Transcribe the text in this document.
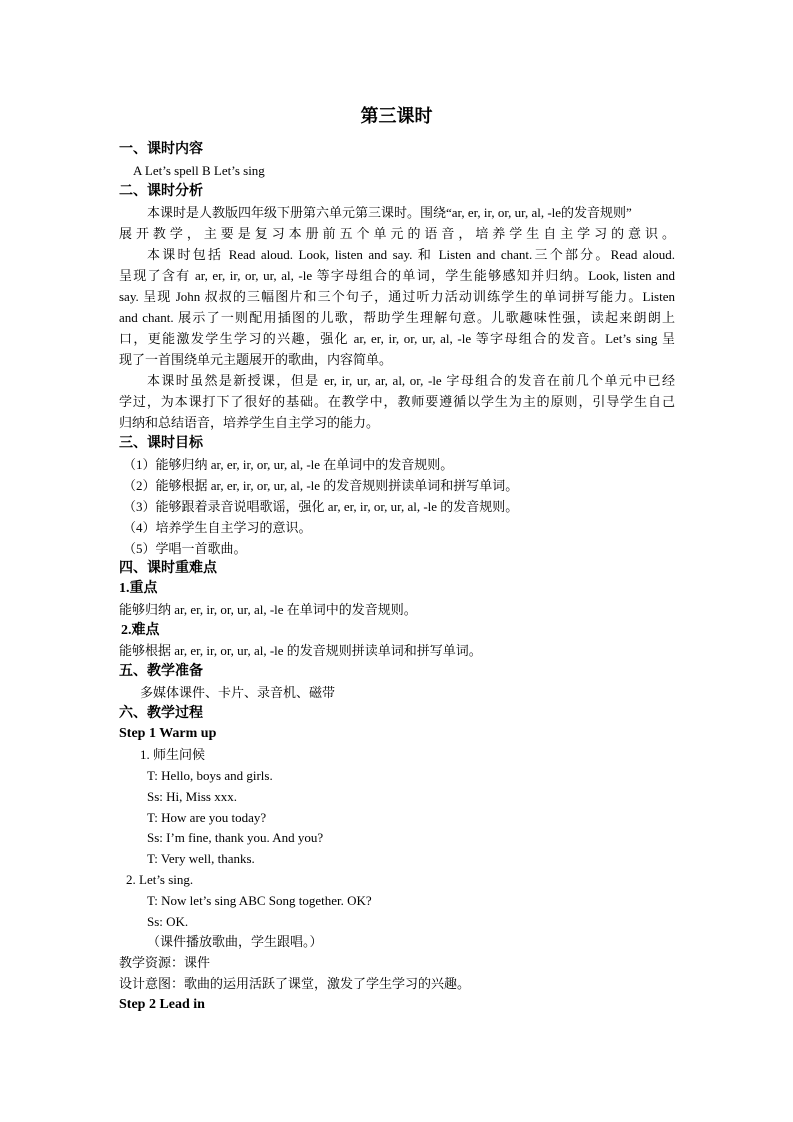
第三课时
一、课时内容
A Let’s spell B Let’s sing
二、课时分析
本课时是人教版四年级下册第六单元第三课时。围绕“ar, er, ir, or, ur, al, -le的发音规则”
展开教学，主要是复习本册前五个单元的语音，培养学生自主学习的意识。
本课时包括 Read aloud. Look, listen and say. 和 Listen and chant.三个部分。Read aloud.
呈现了含有 ar, er, ir, or, ur, al, -le 等字母组合的单词，学生能够感知并归纳。Look, listen and
say. 呈现 John 叔叔的三幅图片和三个句子，通过听力活动训练学生的单词拼写能力。Listen
and chant. 展示了一则配用插图的儿歌，帮助学生理解句意。儿歌趣味性强，读起来朗朗上
口，更能激发学生学习的兴趣，强化 ar, er, ir, or, ur, al, -le 等字母组合的发音。Let’s sing 呈
现了一首围绕单元主题展开的歌曲，内容简单。
本课时虽然是新授课，但是 er, ir, ur, ar, al, or, -le 字母组合的发音在前几个单元中已经
学过，为本课打下了很好的基础。在教学中，教师要遵循以学生为主的原则，引导学生自己
归纳和总结语音，培养学生自主学习的能力。
三、课时目标
（1）能够归纳 ar, er, ir, or, ur, al, -le 在单词中的发音规则。
（2）能够根据 ar, er, ir, or, ur, al, -le 的发音规则拼读单词和拼写单词。
（3）能够跟着录音说唱歌谣，强化 ar, er, ir, or, ur, al, -le 的发音规则。
（4）培养学生自主学习的意识。
（5）学唱一首歌曲。
四、课时重难点
1.重点
能够归纳 ar, er, ir, or, ur, al, -le 在单词中的发音规则。
2.难点
能够根据 ar, er, ir, or, ur, al, -le 的发音规则拼读单词和拼写单词。
五、教学准备
多媒体课件、卡片、录音机、磁带
六、教学过程
Step 1 Warm up
1. 师生问候
T: Hello, boys and girls.
Ss: Hi, Miss xxx.
T: How are you today?
Ss: I’m fine, thank you. And you?
T: Very well, thanks.
2. Let’s sing.
T: Now let’s sing ABC Song together. OK?
Ss: OK.
（课件播放歌曲，学生跟唱。）
教学资源：课件
设计意图：歌曲的运用活跃了课堂，激发了学生学习的兴趣。
Step 2 Lead in
